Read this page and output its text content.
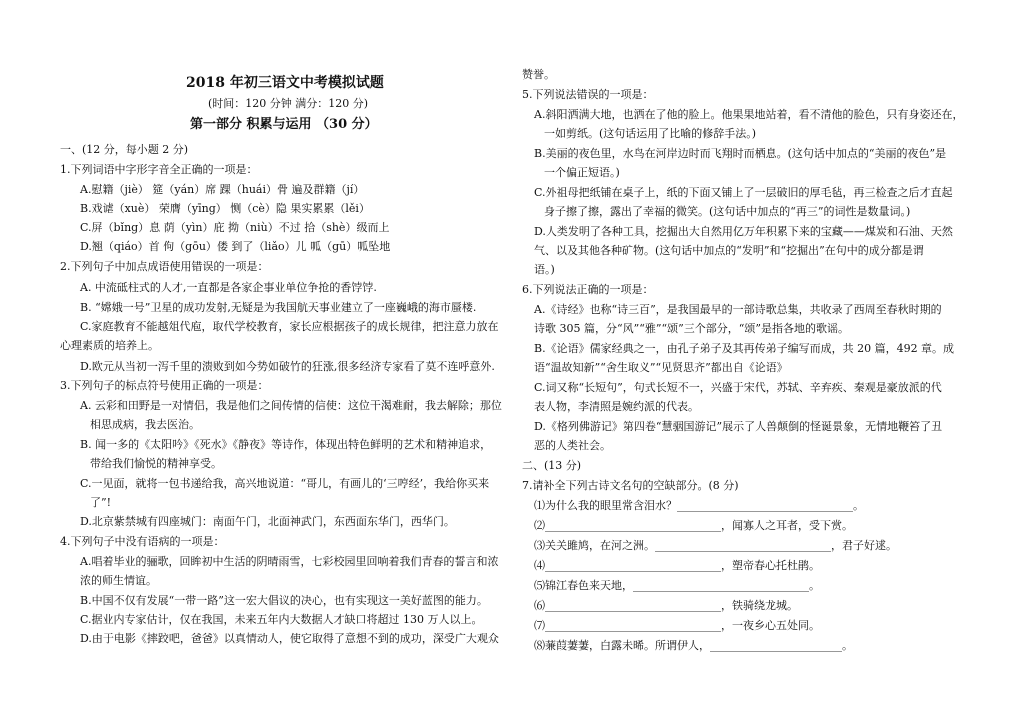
2018 年初三语文中考模拟试题
(时间：120 分钟 满分：120 分)
第一部分 积累与运用 （30 分）
一、(12 分，每小题 2 分)
1.下列词语中字形字音全正确的一项是：
A.慰籍（jiè） 筵（yán）席 踝（huái）骨 遍及群籍（jí）
B.戏谑（xuè） 荣膺（yīng） 恻（cè）隐 果实累累（lěi）
C.屏（bǐng）息 荫（yìn）庇 拗（niù）不过 拾（shè）级而上
D.翘（qiáo）首 佝（gōu）偻 到了（liǎo）儿 呱（gū）呱坠地
2.下列句子中加点成语使用错误的一项是：
A. 中流砥柱式的人才,一直都是各家企事业单位争抢的香饽饽.
B. “嫦娥一号”卫星的成功发射,无疑是为我国航天事业建立了一座巍峨的海市蜃楼.
C.家庭教育不能越俎代庖，取代学校教育，家长应根据孩子的成长规律，把注意力放在
心理素质的培养上。
D.欧元从当初一泻千里的溃败到如今势如破竹的狂涨,很多经济专家看了莫不连呼意外.
3.下列句子的标点符号使用正确的一项是：
A. 云彩和田野是一对情侣，我是他们之间传情的信使：这位干渴难耐，我去解除；那位
相思成病，我去医治。
B. 闻一多的《太阳吟》《死水》《静夜》等诗作，体现出特色鲜明的艺术和精神追求，
带给我们愉悦的精神享受。
C.一见面，就将一包书递给我，高兴地说道：“哥儿，有画儿的‘三哼经’，我给你买来
了”!
D.北京紫禁城有四座城门：南面午门，北面神武门，东西面东华门，西华门。
4.下列句子中没有语病的一项是：
A.唱着毕业的骊歌，回眸初中生活的阴晴雨雪，七彩校园里回响着我们青春的誓言和浓
浓的师生情谊。
B.中国不仅有发展“一带一路”这一宏大倡议的决心，也有实现这一美好蓝图的能力。
C.据业内专家估计，仅在我国，未来五年内大数据人才缺口将超过 130 万人以上。
D.由于电影《摔跤吧，爸爸》以真情动人，使它取得了意想不到的成功，深受广大观众
赞誉。
5.下列说法错误的一项是：
A.斜阳洒满大地，也洒在了他的脸上。他果果地站着，看不清他的脸色，只有身姿还在，
一如剪纸。(这句话运用了比喻的修辞手法。)
B.美丽的夜色里，水鸟在河岸边时而飞翔时而栖息。(这句话中加点的“美丽的夜色”是
一个偏正短语。)
C.外祖母把纸铺在桌子上，纸的下面又铺上了一层破旧的厚毛毡，再三检查之后才直起
身子擦了擦，露出了幸福的微笑。(这句话中加点的“再三”的词性是数量词。)
D.人类发明了各种工具，挖掘出大自然用亿万年积累下来的宝藏——煤炭和石油、天然
气、以及其他各种矿物。(这句话中加点的“发明”和“挖掘出”在句中的成分都是谓
语。)
6.下列说法正确的一项是：
A.《诗经》也称“诗三百”，是我国最早的一部诗歌总集，共收录了西周至春秋时期的
诗歌 305 篇，分“风”“雅”“颂”三个部分，“颂”是指各地的歌谣。
B.《论语》儒家经典之一，由孔子弟子及其再传弟子编写而成，共 20 篇，492 章。成
语“温故知新”“舍生取义”“见贤思齐”都出自《论语》
C.词又称“长短句”，句式长短不一，兴盛于宋代，苏轼、辛弃疾、秦观是豪放派的代
表人物，李清照是婉约派的代表。
D.《格列佛游记》第四卷“慧骃国游记”展示了人兽颠倒的怪诞景象，无情地鞭笞了丑
恶的人类社会。
二、(13 分)
7.请补全下列古诗文名句的空缺部分。(8 分)
⑴为什么我的眼里常含泪水？________________________________。
⑵________________________________，闻寡人之耳者，受下赏。
⑶关关雎鸠，在河之洲。________________________________，君子好逑。
⑷________________________________，塑帝春心托杜鹃。
⑸锦江春色来天地，________________________________。
⑹________________________________，铁骑绕龙城。
⑺________________________________，一夜乡心五处同。
⑻蒹葭萋萋，白露未晞。所谓伊人，________________________。
